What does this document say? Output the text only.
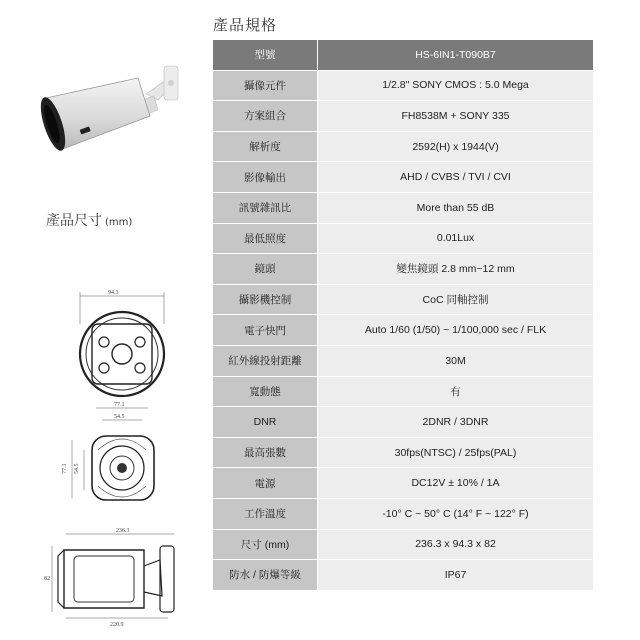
產品規格
產品尺寸 (mm)
94.3
77.1
54.5
77.1 54.5
236.3
82
220.9
型號	HS-6IN1-T090B7
攝像元件	1/2.8" SONY CMOS : 5.0 Mega
方案組合	FH8538M + SONY 335
解析度	2592(H) x 1944(V)
影像輸出	AHD / CVBS / TVI / CVI
訊號雜訊比	More than 55 dB
最低照度	0.01Lux
鏡頭	變焦鏡頭 2.8 mm~12 mm
攝影機控制	CoC 同軸控制
電子快門	Auto 1/60 (1/50) ~ 1/100,000 sec / FLK
紅外線投射距離	30M
寬動態	有
DNR	2DNR / 3DNR
最高張數	30fps(NTSC) / 25fps(PAL)
電源	DC12V ± 10% / 1A
工作溫度	-10° C ~ 50° C (14° F ~ 122° F)
尺寸 (mm)	236.3 x 94.3 x 82
防水 / 防爆等級	IP67
